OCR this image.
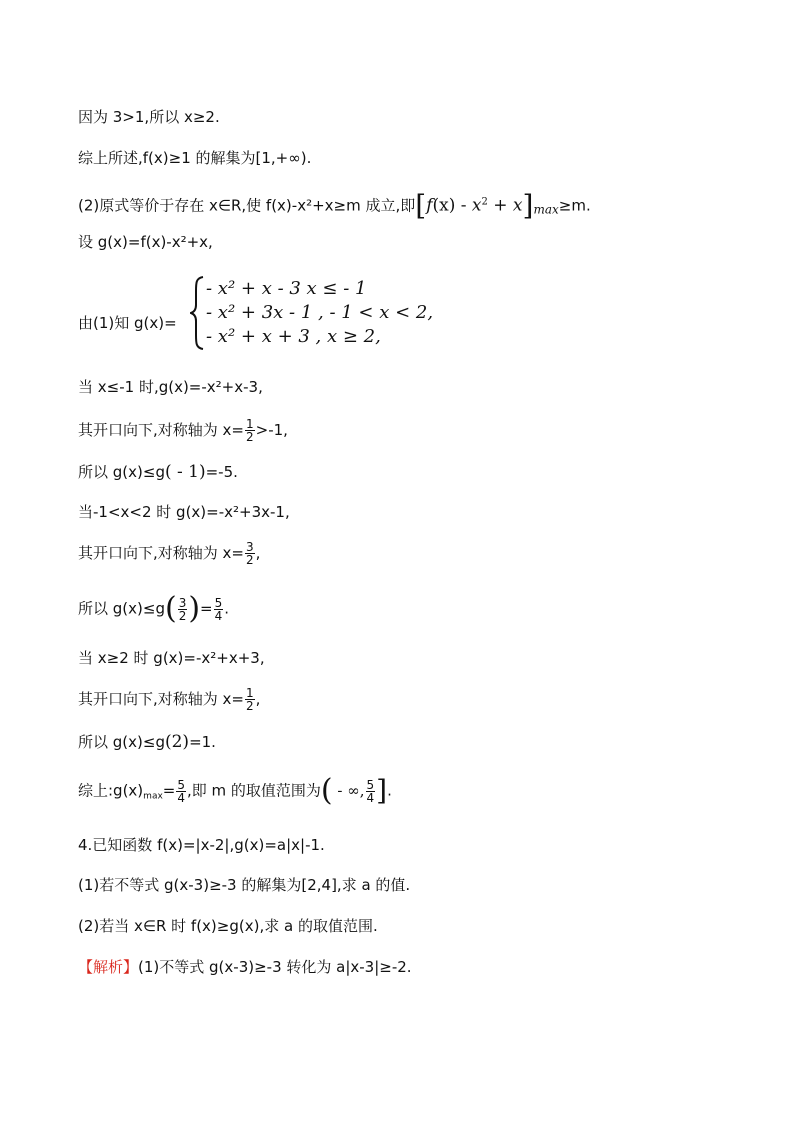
因为 3>1,所以 x≥2.
综上所述,f(x)≥1 的解集为[1,+∞).
(2)原式等价于存在 x∈R,使 f(x)-x²+x≥m 成立,即$[f(x) - x^2 + x]_{max}\ge m$.
设 g(x)=f(x)-x²+x,
由(1)知 g(x)=
- x² + x - 3 x ≤ - 1
- x² + 3x - 1 , - 1 < x < 2,
- x² + x + 3 , x ≥ 2,
当 x≤-1 时,g(x)=-x²+x-3,
其开口向下,对称轴为 $x= \frac{1}{2} >-1$,
所以 g(x)≤g( - 1)=-5.
当-1<x<2 时 g(x)=-x²+3x-1,
其开口向下,对称轴为 $x= \frac{3}{2}$ ,
所以 $g(x)\le g( \frac{3}{2}$ )= $\frac{5}{4}$ .
当 x≥2 时 g(x)=-x²+x+3,
其开口向下,对称轴为 $x= \frac{1}{2}$ ,
所以 g(x)≤g(2)=1.
综上$:g(x)_{max}= \frac{5}{4}$ ,即 m 的取值范围为( - ∞, $\frac{5}{4}$ ].
4.已知函数 f(x)=|x-2|,g(x)=a|x|-1.
(1)若不等式 g(x-3)≥-3 的解集为[2,4],求 a 的值.
(2)若当 x∈R 时 f(x)≥g(x),求 a 的取值范围.
【解析】(1)不等式 g(x-3)≥-3 转化为 a|x-3|≥-2.
